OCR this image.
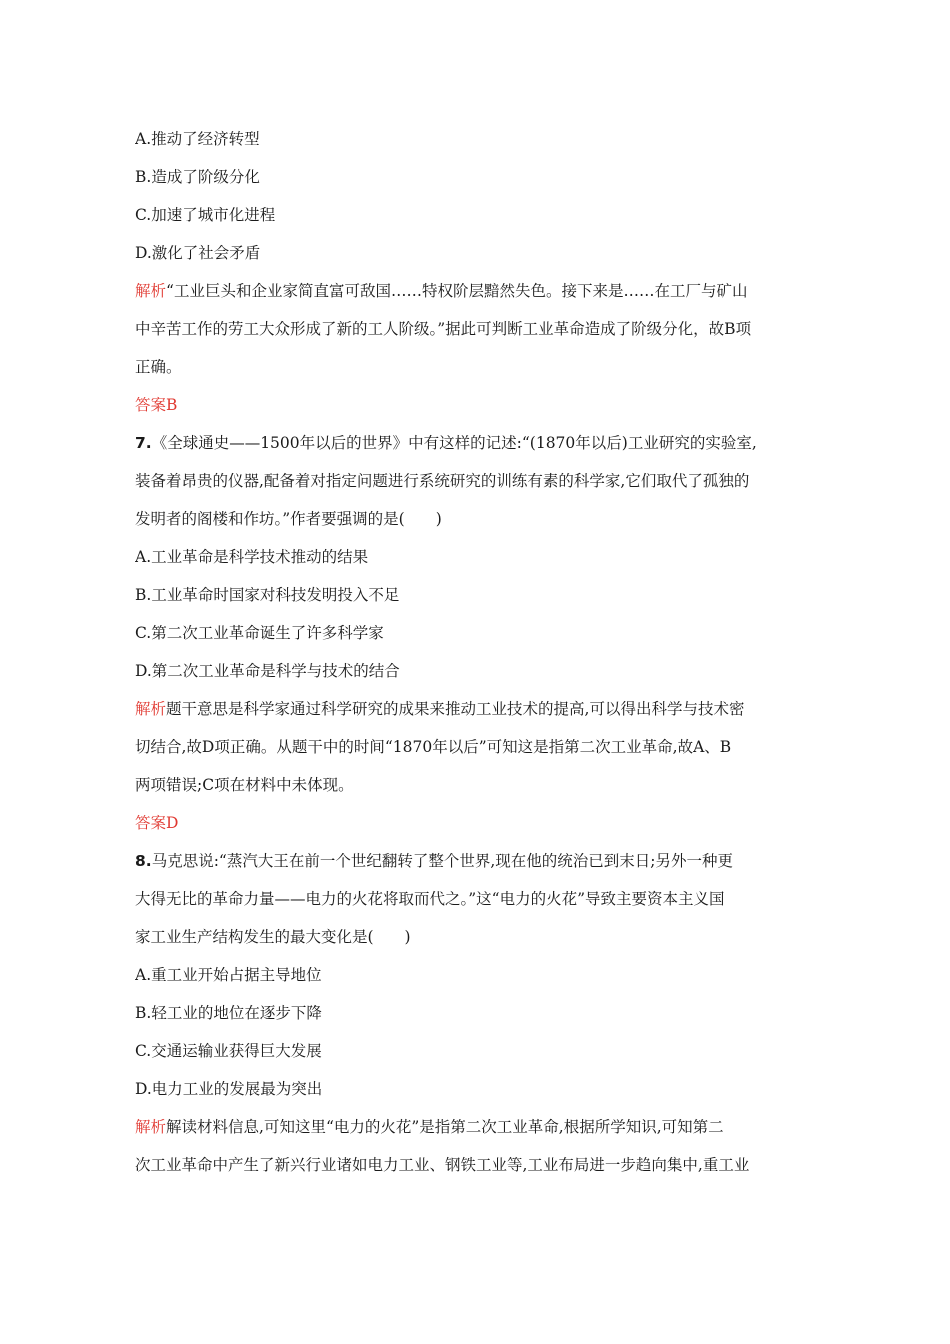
A.推动了经济转型
B.造成了阶级分化
C.加速了城市化进程
D.激化了社会矛盾
解析“工业巨头和企业家简直富可敌国……特权阶层黯然失色。接下来是……在工厂与矿山
中辛苦工作的劳工大众形成了新的工人阶级。”据此可判断工业革命造成了阶级分化，故B项
正确。
答案B
7.《全球通史——1500年以后的世界》中有这样的记述:“(1870年以后)工业研究的实验室,
装备着昂贵的仪器,配备着对指定问题进行系统研究的训练有素的科学家,它们取代了孤独的
发明者的阁楼和作坊。”作者要强调的是(　　)
A.工业革命是科学技术推动的结果
B.工业革命时国家对科技发明投入不足
C.第二次工业革命诞生了许多科学家
D.第二次工业革命是科学与技术的结合
解析题干意思是科学家通过科学研究的成果来推动工业技术的提高,可以得出科学与技术密
切结合,故D项正确。从题干中的时间“1870年以后”可知这是指第二次工业革命,故A、B
两项错误;C项在材料中未体现。
答案D
8.马克思说:“蒸汽大王在前一个世纪翻转了整个世界,现在他的统治已到末日;另外一种更
大得无比的革命力量——电力的火花将取而代之。”这“电力的火花”导致主要资本主义国
家工业生产结构发生的最大变化是(　　)
A.重工业开始占据主导地位
B.轻工业的地位在逐步下降
C.交通运输业获得巨大发展
D.电力工业的发展最为突出
解析解读材料信息,可知这里“电力的火花”是指第二次工业革命,根据所学知识,可知第二
次工业革命中产生了新兴行业诸如电力工业、钢铁工业等,工业布局进一步趋向集中,重工业
